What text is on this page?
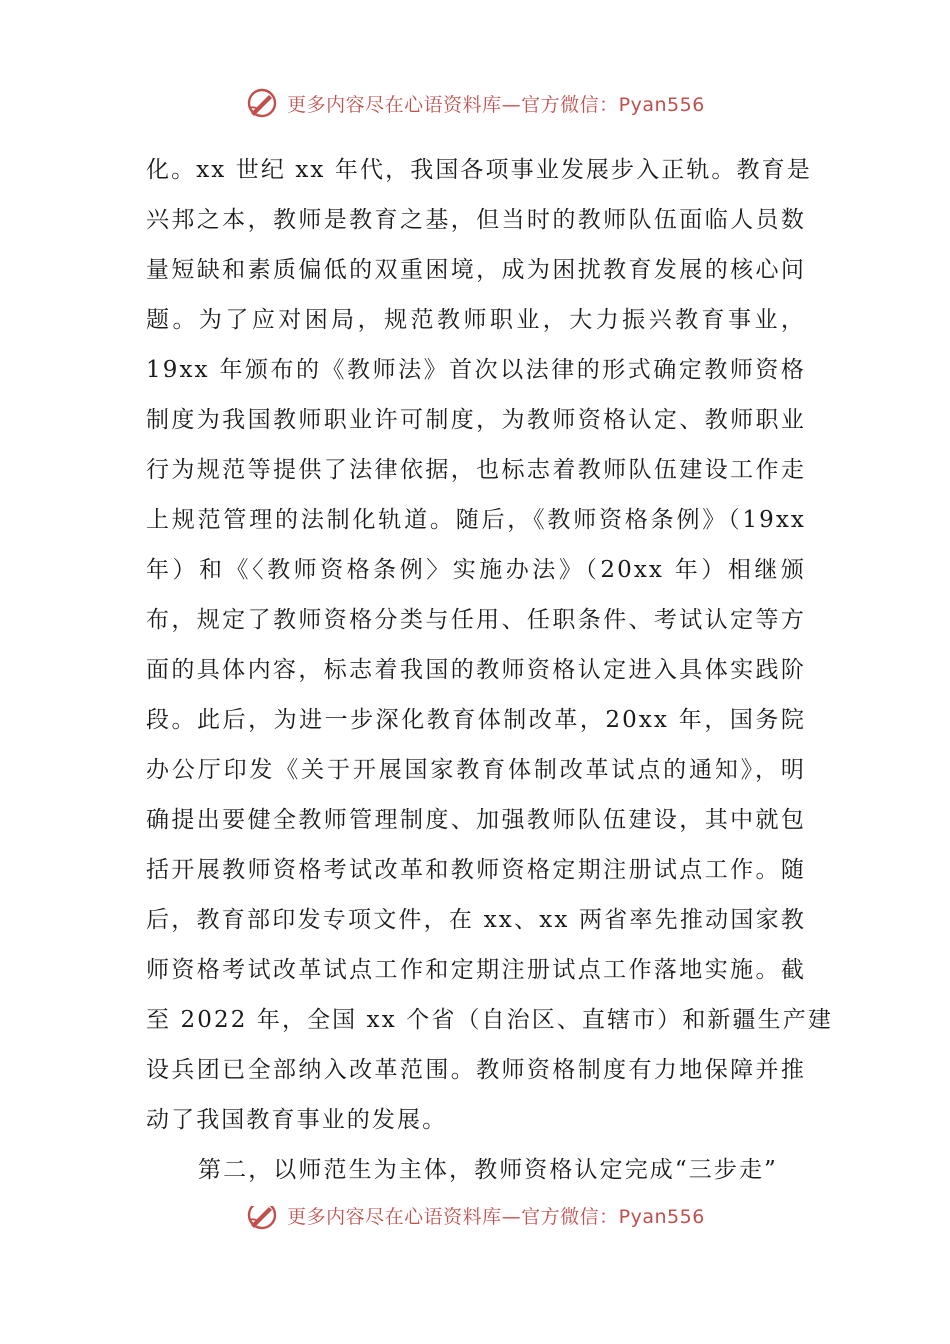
更多内容尽在心语资料库—官方微信：Pyan556
化。xx 世纪 xx 年代，我国各项事业发展步入正轨。教育是
兴邦之本，教师是教育之基，但当时的教师队伍面临人员数
量短缺和素质偏低的双重困境，成为困扰教育发展的核心问
题。为了应对困局，规范教师职业，大力振兴教育事业，
19xx 年颁布的《教师法》首次以法律的形式确定教师资格
制度为我国教师职业许可制度，为教师资格认定、教师职业
行为规范等提供了法律依据，也标志着教师队伍建设工作走
上规范管理的法制化轨道。随后，《教师资格条例》（19xx
年）和《〈教师资格条例〉实施办法》（20xx 年）相继颁
布，规定了教师资格分类与任用、任职条件、考试认定等方
面的具体内容，标志着我国的教师资格认定进入具体实践阶
段。此后，为进一步深化教育体制改革，20xx 年，国务院
办公厅印发《关于开展国家教育体制改革试点的通知》，明
确提出要健全教师管理制度、加强教师队伍建设，其中就包
括开展教师资格考试改革和教师资格定期注册试点工作。随
后，教育部印发专项文件，在 xx、xx 两省率先推动国家教
师资格考试改革试点工作和定期注册试点工作落地实施。截
至 2022 年，全国 xx 个省（自治区、直辖市）和新疆生产建
设兵团已全部纳入改革范围。教师资格制度有力地保障并推
动了我国教育事业的发展。
第二，以师范生为主体，教师资格认定完成“三步走”
更多内容尽在心语资料库—官方微信：Pyan556
